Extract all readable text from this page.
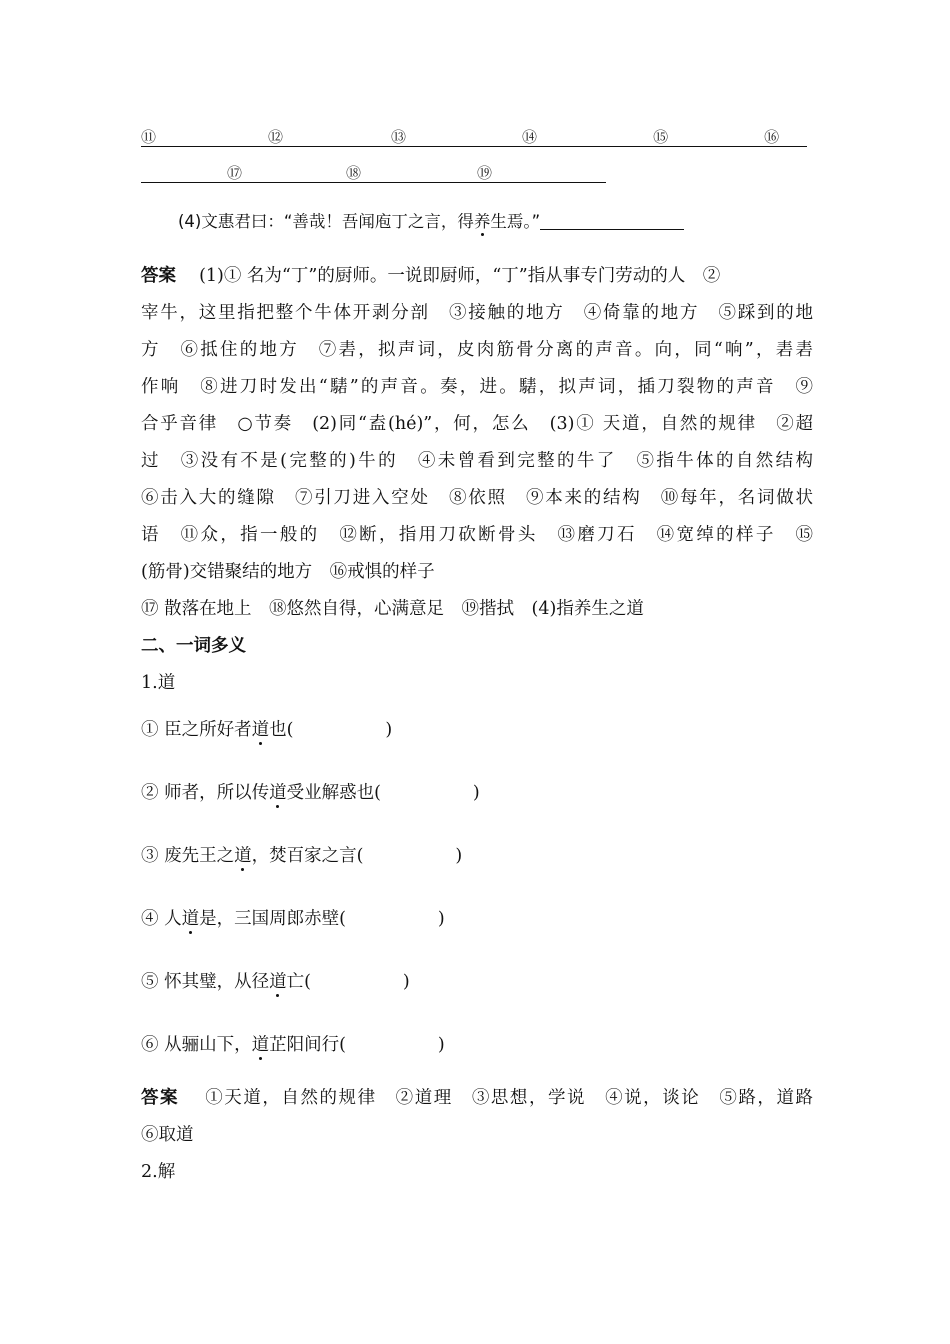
⑪	⑫	⑬	⑭	⑮	⑯
⑰	⑱	⑲
(4)文惠君曰：“善哉！吾闻庖丁之言，得养生焉。”
答案　 (1)① 名为“丁”的厨师。一说即厨师，“丁”指从事专门劳动的人　②
宰牛，这里指把整个牛体开剥分剖　③接触的地方　④倚靠的地方　⑤踩到的地
方　⑥抵住的地方　⑦砉，拟声词，皮肉筋骨分离的声音。向，同“响”，砉砉
作响　⑧进刀时发出“騞”的声音。奏，进。騞，拟声词，插刀裂物的声音　⑨
合乎音律　○节奏　(2)同“盍(hé)”，何，怎么　(3)① 天道，自然的规律　②超
过　③没有不是(完整的)牛的　④未曾看到完整的牛了　⑤指牛体的自然结构
⑥击入大的缝隙　⑦引刀进入空处　⑧依照　⑨本来的结构　⑩每年，名词做状
语　⑪众，指一般的　⑫断，指用刀砍断骨头　⑬磨刀石　⑭宽绰的样子　⑮
(筋骨)交错聚结的地方　⑯戒惧的样子
⑰ 散落在地上　⑱悠然自得，心满意足　⑲揩拭　(4)指养生之道
二、一词多义
1.道
① 臣之所好者道也(	)
② 师者，所以传道受业解惑也(	)
③ 废先王之道，焚百家之言(	)
④ 人道是，三国周郎赤壁(	)
⑤ 怀其璧，从径道亡(	)
⑥ 从骊山下，道芷阳间行(	)
答案　 ①天道，自然的规律　②道理　③思想，学说　④说，谈论　⑤路，道路
⑥取道
2.解
